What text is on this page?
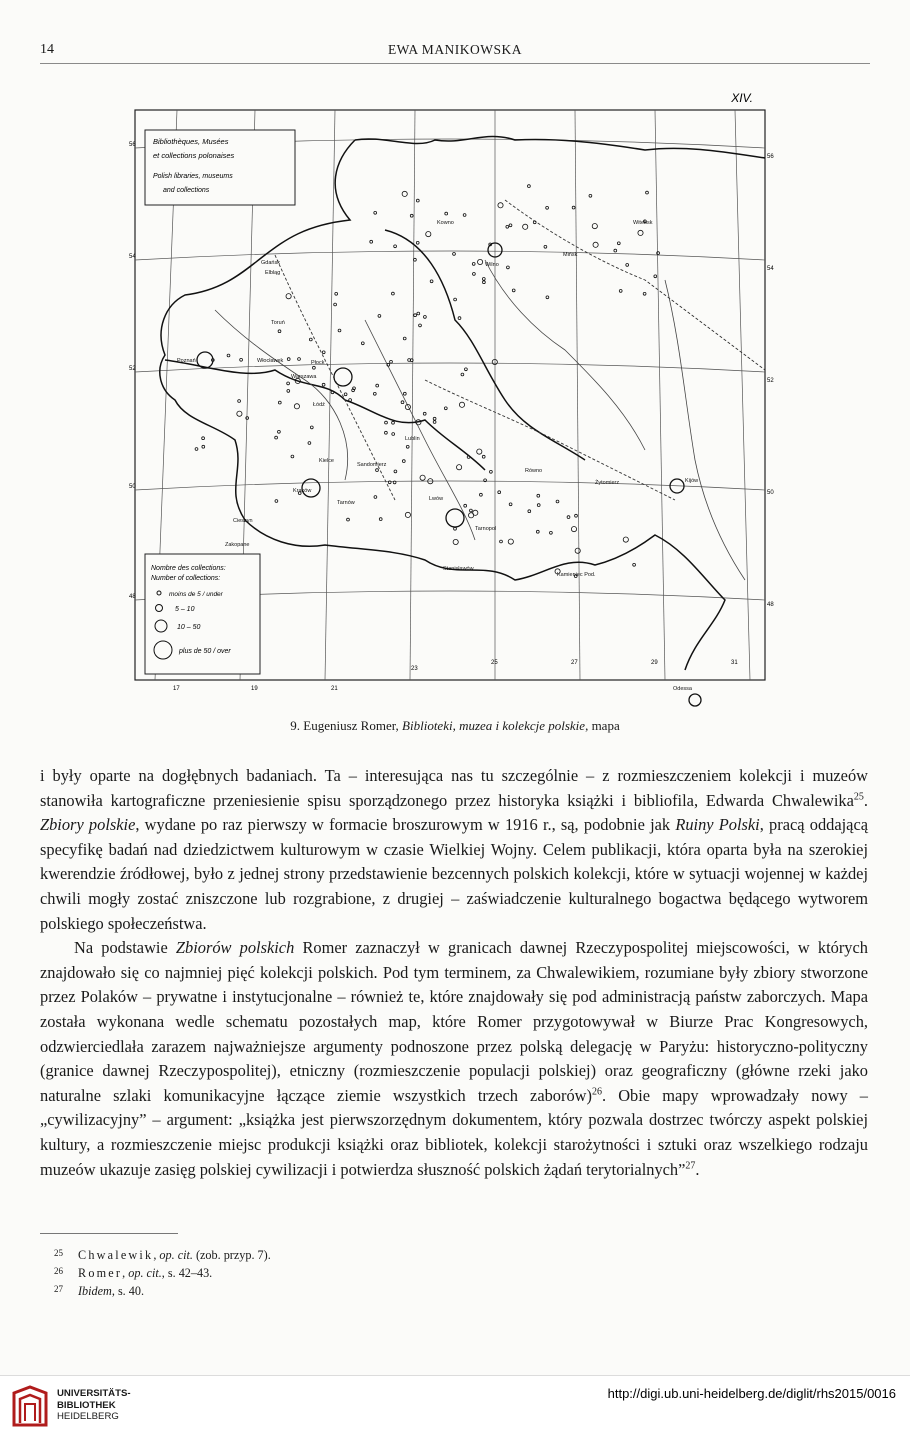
14	EWA MANIKOWSKA
Bibliothèques, Musées
et collections polonaises
Polish libraries, museums
and collections
XIV.
Nombre des collections:
Number of collections:
moins de 5 / under
5 – 10
10 – 50
plus de 50 / over
56
54
52
50
48
56
54
52
50
48
17	19	21
23
25	27	29	31
Gdańsk
Elbląg
Toruń
Poznań	Włocławek	Płock
Warszawa
Łódź
Kielce
Sandomierz
Lublin
Kraków
Tarnów
Lwów
Cieszyn
Zakopane
Tarnopol
Stanisławów
Kamieniec Pod.
Kowno
Wilno
Mińsk
Witebsk
Równo
Żytomierz	Kijów
Odessa
9. Eugeniusz Romer, Biblioteki, muzea i kolekcje polskie, mapa

i były oparte na dogłębnych badaniach. Ta – interesująca nas tu szczególnie – z rozmieszczeniem kolekcji i muzeów stanowiła kartograficzne przeniesienie spisu sporządzonego przez historyka książki i bibliofila, Edwarda Chwalewika$^{25}$. Zbiory polskie, wydane po raz pierwszy w formacie broszurowym w 1916 r., są, podobnie jak Ruiny Polski, pracą oddającą specyfikę badań nad dziedzictwem kulturowym w czasie Wielkiej Wojny. Celem publikacji, która oparta była na szerokiej kwerendzie źródłowej, było z jednej strony przedstawienie bezcennych polskich kolekcji, które w sytuacji wojennej w każdej chwili mogły zostać zniszczone lub rozgrabione, z drugiej – zaświadczenie kulturalnego bogactwa będącego wytworem polskiego społeczeństwa.

Na podstawie Zbiorów polskich Romer zaznaczył w granicach dawnej Rzeczypospolitej miejscowości, w których znajdowało się co najmniej pięć kolekcji polskich. Pod tym terminem, za Chwalewikiem, rozumiane były zbiory stworzone przez Polaków – prywatne i instytucjonalne – również te, które znajdowały się pod administracją państw zaborczych. Mapa została wykonana wedle schematu pozostałych map, które Romer przygotowywał w Biurze Prac Kongresowych, odzwierciedlała zarazem najważniejsze argumenty podnoszone przez polską delegację w Paryżu: historyczno-polityczny (granice dawnej Rzeczypospolitej), etniczny (rozmieszczenie populacji polskiej) oraz geograficzny (główne rzeki jako naturalne szlaki komunikacyjne łączące ziemie wszystkich trzech zaborów)$^{26}$. Obie mapy wprowadzały nowy – „cywilizacyjny” – argument: „książka jest pierwszorzędnym dokumentem, który pozwala dostrzec twórczy aspekt polskiej kultury, a rozmieszczenie miejsc produkcji książki oraz bibliotek, kolekcji starożytności i sztuki oraz wszelkiego rodzaju muzeów ukazuje zasięg polskiej cywilizacji i potwierdza słuszność polskich żądań terytorialnych”$^{27}$.

25 Chwalewik, op. cit. (zob. przyp. 7).
26 Romer, op. cit., s. 42–43.
27 Ibidem, s. 40.
UNIVERSITÄTS-
BIBLIOTHEK
HEIDELBERG
http://digi.ub.uni-heidelberg.de/diglit/rhs2015/0016
